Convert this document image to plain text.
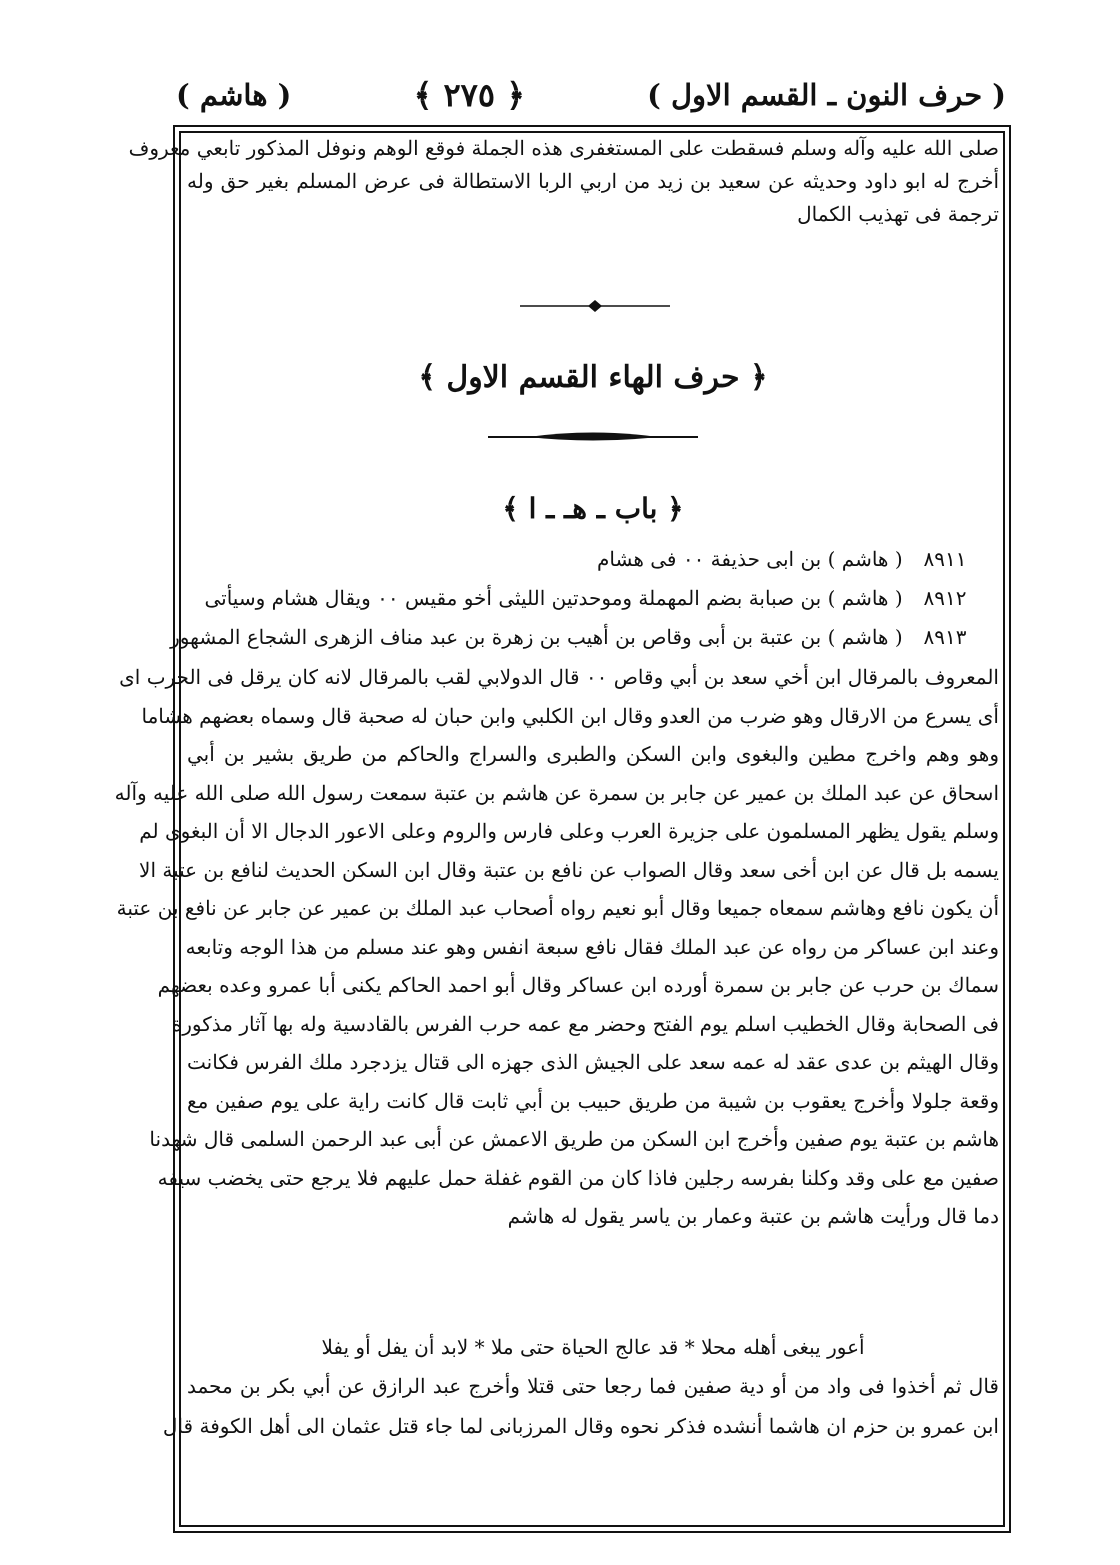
( حرف النون ـ القسم الاول )
﴿ ٢٧٥ ﴾
( هاشم )
صلى الله عليه وآله وسلم فسقطت على المستغفرى هذه الجملة فوقع الوهم ونوفل المذكور تابعي معروف
أخرج له ابو داود وحديثه عن سعيد بن زيد من اربي الربا الاستطالة فى عرض المسلم بغير حق وله
ترجمة فى تهذيب الكمال
﴿ حرف الهاء القسم الاول ﴾
﴿ باب ـ هـ ـ ا ﴾
٨٩١١ ( هاشم ) بن ابى حذيفة ٠٠ فى هشام
٨٩١٢ ( هاشم ) بن صبابة بضم المهملة وموحدتين الليثى أخو مقيس ٠٠ ويقال هشام وسيأتى
٨٩١٣ ( هاشم ) بن عتبة بن أبى وقاص بن أهيب بن زهرة بن عبد مناف الزهرى الشجاع المشهور
المعروف بالمرقال ابن أخي سعد بن أبي وقاص ٠٠ قال الدولابي لقب بالمرقال لانه كان يرقل فى الحرب اى
أى يسرع من الارقال وهو ضرب من العدو وقال ابن الكلبي وابن حبان له صحبة قال وسماه بعضهم هشاما
وهو وهم واخرج مطين والبغوى وابن السكن والطبرى والسراج والحاكم من طريق بشير بن أبي
اسحاق عن عبد الملك بن عمير عن جابر بن سمرة عن هاشم بن عتبة سمعت رسول الله صلى الله عليه وآله
وسلم يقول يظهر المسلمون على جزيرة العرب وعلى فارس والروم وعلى الاعور الدجال الا أن البغوى لم
يسمه بل قال عن ابن أخى سعد وقال الصواب عن نافع بن عتبة وقال ابن السكن الحديث لنافع بن عتبة الا
أن يكون نافع وهاشم سمعاه جميعا وقال أبو نعيم رواه أصحاب عبد الملك بن عمير عن جابر عن نافع بن عتبة
وعند ابن عساكر من رواه عن عبد الملك فقال نافع سبعة انفس وهو عند مسلم من هذا الوجه وتابعه
سماك بن حرب عن جابر بن سمرة أورده ابن عساكر وقال أبو احمد الحاكم يكنى أبا عمرو وعده بعضهم
فى الصحابة وقال الخطيب اسلم يوم الفتح وحضر مع عمه حرب الفرس بالقادسية وله بها آثار مذكورة
وقال الهيثم بن عدى عقد له عمه سعد على الجيش الذى جهزه الى قتال يزدجرد ملك الفرس فكانت
وقعة جلولا وأخرج يعقوب بن شيبة من طريق حبيب بن أبي ثابت قال كانت راية على يوم صفين مع
هاشم بن عتبة يوم صفين وأخرج ابن السكن من طريق الاعمش عن أبى عبد الرحمن السلمى قال شهدنا
صفين مع على وقد وكلنا بفرسه رجلين فاذا كان من القوم غفلة حمل عليهم فلا يرجع حتى يخضب سيفه
دما قال ورأيت هاشم بن عتبة وعمار بن ياسر يقول له هاشم
أعور يبغى أهله محلا * قد عالج الحياة حتى ملا * لابد أن يفل أو يفلا
قال ثم أخذوا فى واد من أو دية صفين فما رجعا حتى قتلا وأخرج عبد الرازق عن أبي بكر بن محمد
ابن عمرو بن حزم ان هاشما أنشده فذكر نحوه وقال المرزبانى لما جاء قتل عثمان الى أهل الكوفة قال
